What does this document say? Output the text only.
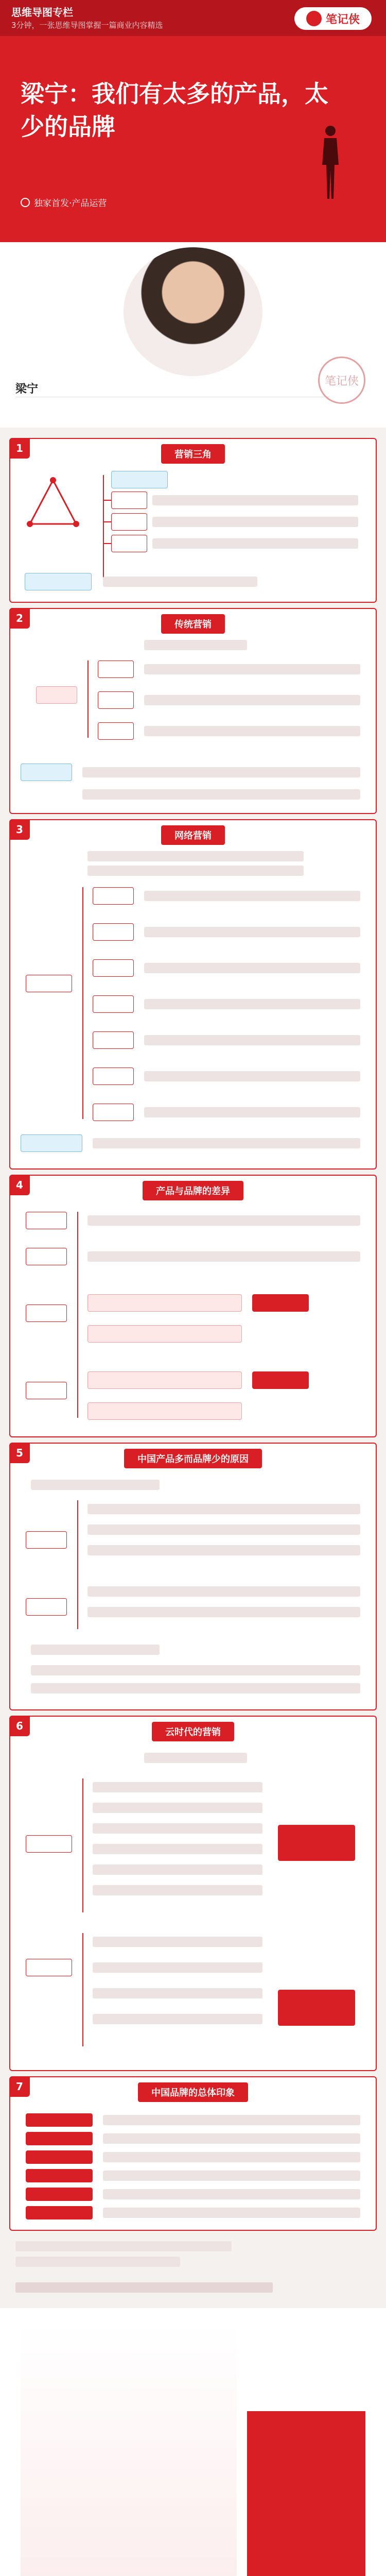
思维导图专栏
3分钟，一张思维导图掌握一篇商业内容精选	笔记侠
梁宁：我们有太多的产品，太少的品牌
独家首发·产品运营
梁宁
笔记侠
1
营销三角
2
传统营销
3
网络营销
4
产品与品牌的差异
5
中国产品多而品牌少的原因
6
云时代的营销
7
中国品牌的总体印象
